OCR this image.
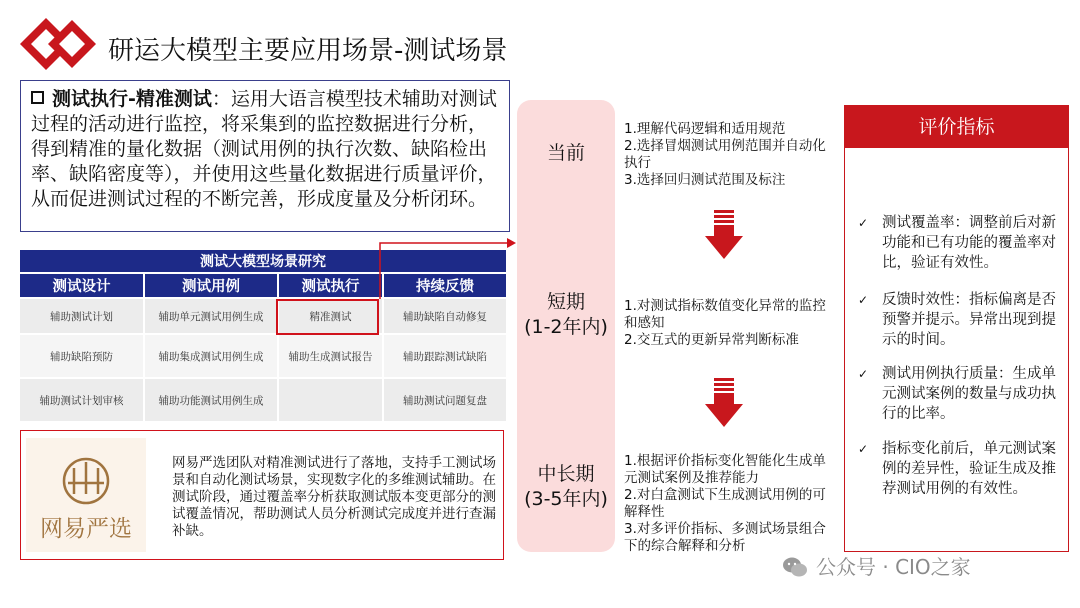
研运大模型主要应用场景-测试场景
测试执行-精准测试：运用大语言模型技术辅助对测试过程的活动进行监控，将采集到的监控数据进行分析，得到精准的量化数据（测试用例的执行次数、缺陷检出率、缺陷密度等），并使用这些量化数据进行质量评价，从而促进测试过程的不断完善，形成度量及分析闭环。
测试大模型场景研究			
测试设计	测试用例	测试执行	持续反馈
辅助测试计划	辅助单元测试用例生成	精准测试	辅助缺陷自动修复
辅助缺陷预防	辅助集成测试用例生成	辅助生成测试报告	辅助跟踪测试缺陷
辅助测试计划审核	辅助功能测试用例生成		辅助测试问题复盘
网易严选
网易严选团队对精准测试进行了落地，支持手工测试场景和自动化测试场景，实现数字化的多维测试辅助。在测试阶段，通过覆盖率分析获取测试版本变更部分的测试覆盖情况，帮助测试人员分析测试完成度并进行查漏补缺。
当前
短期
(1-2年内)
中长期
(3-5年内)
1.理解代码逻辑和适用规范
2.选择冒烟测试用例范围并自动化执行
3.选择回归测试范围及标注
1.对测试指标数值变化异常的监控和感知
2.交互式的更新异常判断标准
1.根据评价指标变化智能化生成单元测试案例及推荐能力
2.对白盒测试下生成测试用例的可解释性
3.对多评价指标、多测试场景组合下的综合解释和分析
评价指标
✓ 测试覆盖率：调整前后对新功能和已有功能的覆盖率对比，验证有效性。
✓ 反馈时效性：指标偏离是否预警并提示。异常出现到提示的时间。
✓ 测试用例执行质量：生成单元测试案例的数量与成功执行的比率。
✓ 指标变化前后，单元测试案例的差异性，验证生成及推荐测试用例的有效性。
公众号 · CIO之家
